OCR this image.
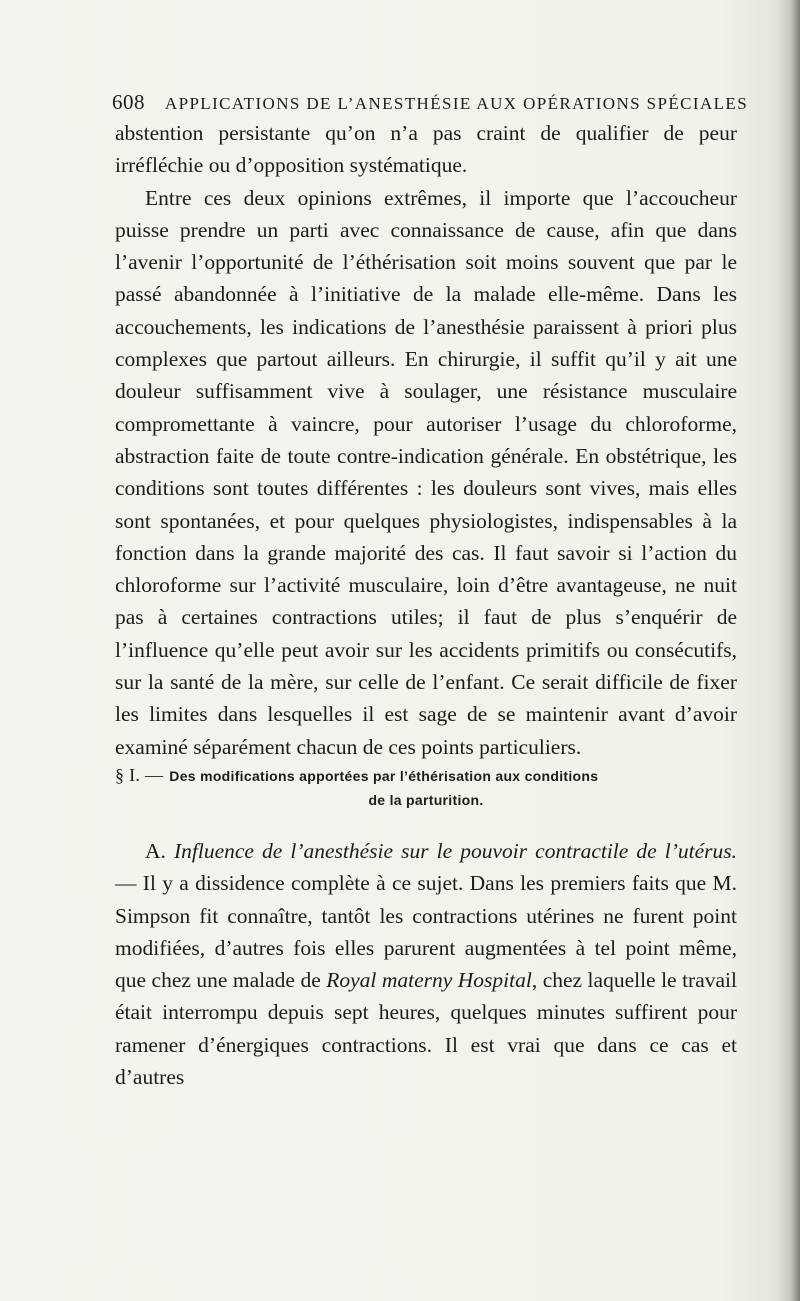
608 APPLICATIONS DE L’ANESTHÉSIE AUX OPÉRATIONS SPÉCIALES

abstention persistante qu’on n’a pas craint de qualifier de peur irréfléchie ou d’opposition systématique.

Entre ces deux opinions extrêmes, il importe que l’accoucheur puisse prendre un parti avec connaissance de cause, afin que dans l’avenir l’opportunité de l’éthérisation soit moins souvent que par le passé abandonnée à l’initiative de la malade elle-même. Dans les accouchements, les indications de l’anesthésie paraissent à priori plus complexes que partout ailleurs. En chirurgie, il suffit qu’il y ait une douleur suffisamment vive à soulager, une résistance musculaire compromettante à vaincre, pour autoriser l’usage du chloroforme, abstraction faite de toute contre-indication générale. En obstétrique, les conditions sont toutes différentes : les douleurs sont vives, mais elles sont spontanées, et pour quelques physiologistes, indispensables à la fonction dans la grande majorité des cas. Il faut savoir si l’action du chloroforme sur l’activité musculaire, loin d’être avantageuse, ne nuit pas à certaines contractions utiles; il faut de plus s’enquérir de l’influence qu’elle peut avoir sur les accidents primitifs ou consécutifs, sur la santé de la mère, sur celle de l’enfant. Ce serait difficile de fixer les limites dans lesquelles il est sage de se maintenir avant d’avoir examiné séparément chacun de ces points particuliers.

§ I. — Des modifications apportées par l’éthérisation aux conditions
de la parturition.

A. Influence de l’anesthésie sur le pouvoir contractile de l’utérus. — Il y a dissidence complète à ce sujet. Dans les premiers faits que M. Simpson fit connaître, tantôt les contractions utérines ne furent point modifiées, d’autres fois elles parurent augmentées à tel point même, que chez une malade de Royal materny Hospital, chez laquelle le travail était interrompu depuis sept heures, quelques minutes suffirent pour ramener d’énergiques contractions. Il est vrai que dans ce cas et d’autres
